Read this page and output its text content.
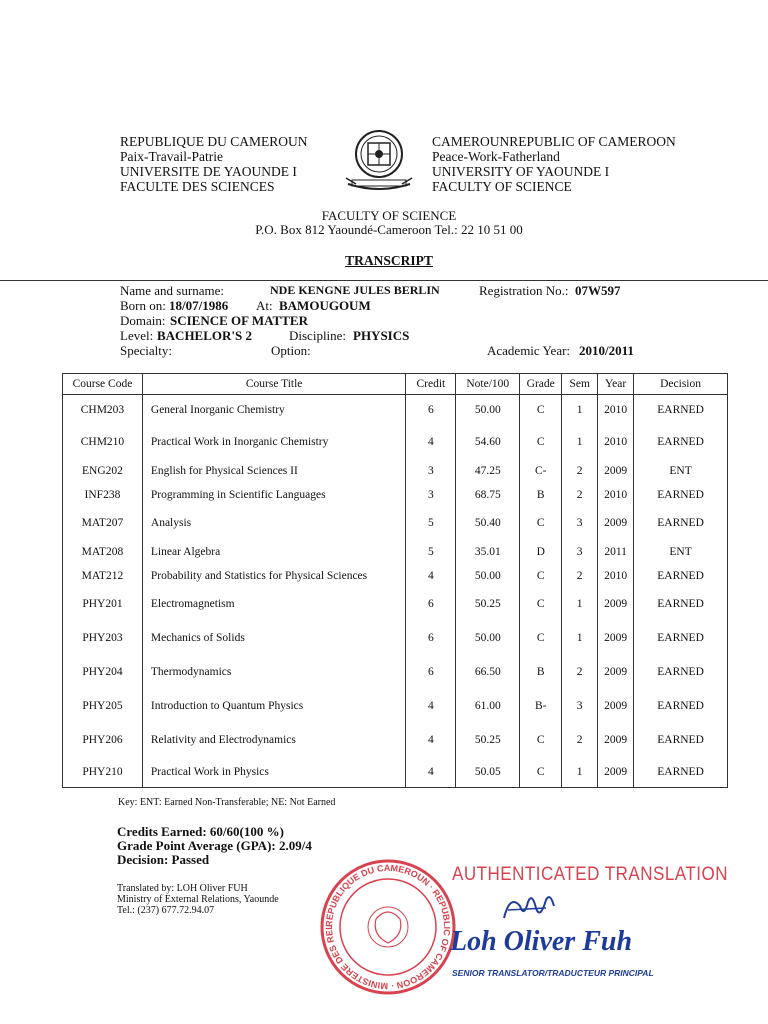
REPUBLIQUE DU CAMEROUN
Paix-Travail-Patrie
UNIVERSITE DE YAOUNDE I
FACULTE DES SCIENCES
CAMEROUNREPUBLIC OF CAMEROON
Peace-Work-Fatherland
UNIVERSITY OF YAOUNDE I
FACULTY OF SCIENCE
FACULTY OF SCIENCE
P.O. Box 812 Yaoundé-Cameroon Tel.: 22 10 51 00
TRANSCRIPT
Name and surname:	NDE KENGNE JULES BERLIN	Registration No.: 07W597
Born on: 18/07/1986 At: BAMOUGOUM
Domain: SCIENCE OF MATTER
Level: BACHELOR'S 2	Discipline: PHYSICS
Specialty:	Option:	Academic Year: 2010/2011
Course Code	Course Title	Credit	Note/100	Grade	Sem	Year	Decision
CHM203	General Inorganic Chemistry	6	50.00	C	1	2010	EARNED
CHM210	Practical Work in Inorganic Chemistry	4	54.60	C	1	2010	EARNED
ENG202	English for Physical Sciences II	3	47.25	C-	2	2009	ENT
INF238	Programming in Scientific Languages	3	68.75	B	2	2010	EARNED
MAT207	Analysis	5	50.40	C	3	2009	EARNED
MAT208	Linear Algebra	5	35.01	D	3	2011	ENT
MAT212	Probability and Statistics for Physical Sciences	4	50.00	C	2	2010	EARNED
PHY201	Electromagnetism	6	50.25	C	1	2009	EARNED
PHY203	Mechanics of Solids	6	50.00	C	1	2009	EARNED
PHY204	Thermodynamics	6	66.50	B	2	2009	EARNED
PHY205	Introduction to Quantum Physics	4	61.00	B-	3	2009	EARNED
PHY206	Relativity and Electrodynamics	4	50.25	C	2	2009	EARNED
PHY210	Practical Work in Physics	4	50.05	C	1	2009	EARNED
Key: ENT: Earned Non-Transferable; NE: Not Earned
Credits Earned: 60/60(100 %)
Grade Point Average (GPA): 2.09/4
Decision: Passed
Translated by: LOH Oliver FUH
Ministry of External Relations, Yaounde
Tel.: (237) 677.72.94.07
REPUBLIQUE DU CAMEROUN · REPUBLIC OF CAMEROON · MINISTERE DES REL
AUTHENTICATED TRANSLATION
Loh Oliver Fuh
SENIOR TRANSLATOR/TRADUCTEUR PRINCIPAL
